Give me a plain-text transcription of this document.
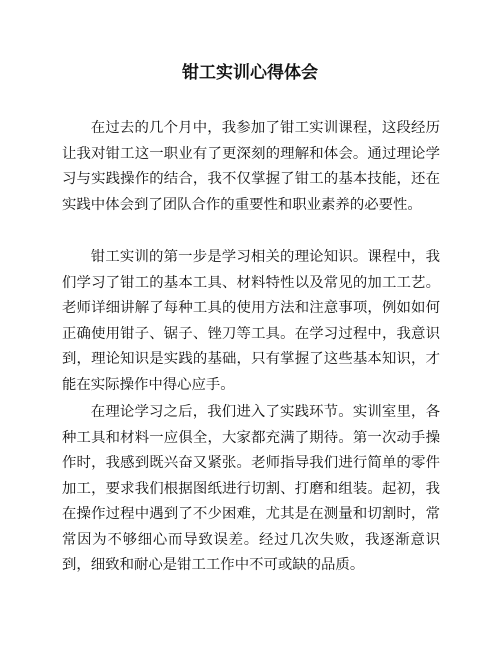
钳工实训心得体会

在过去的几个月中，我参加了钳工实训课程，这段经历让我对钳工这一职业有了更深刻的理解和体会。通过理论学习与实践操作的结合，我不仅掌握了钳工的基本技能，还在实践中体会到了团队合作的重要性和职业素养的必要性。

钳工实训的第一步是学习相关的理论知识。课程中，我们学习了钳工的基本工具、材料特性以及常见的加工工艺。老师详细讲解了每种工具的使用方法和注意事项，例如如何正确使用钳子、锯子、锉刀等工具。在学习过程中，我意识到，理论知识是实践的基础，只有掌握了这些基本知识，才能在实际操作中得心应手。

在理论学习之后，我们进入了实践环节。实训室里，各种工具和材料一应俱全，大家都充满了期待。第一次动手操作时，我感到既兴奋又紧张。老师指导我们进行简单的零件加工，要求我们根据图纸进行切割、打磨和组装。起初，我在操作过程中遇到了不少困难，尤其是在测量和切割时，常常因为不够细心而导致误差。经过几次失败，我逐渐意识到，细致和耐心是钳工工作中不可或缺的品质。
